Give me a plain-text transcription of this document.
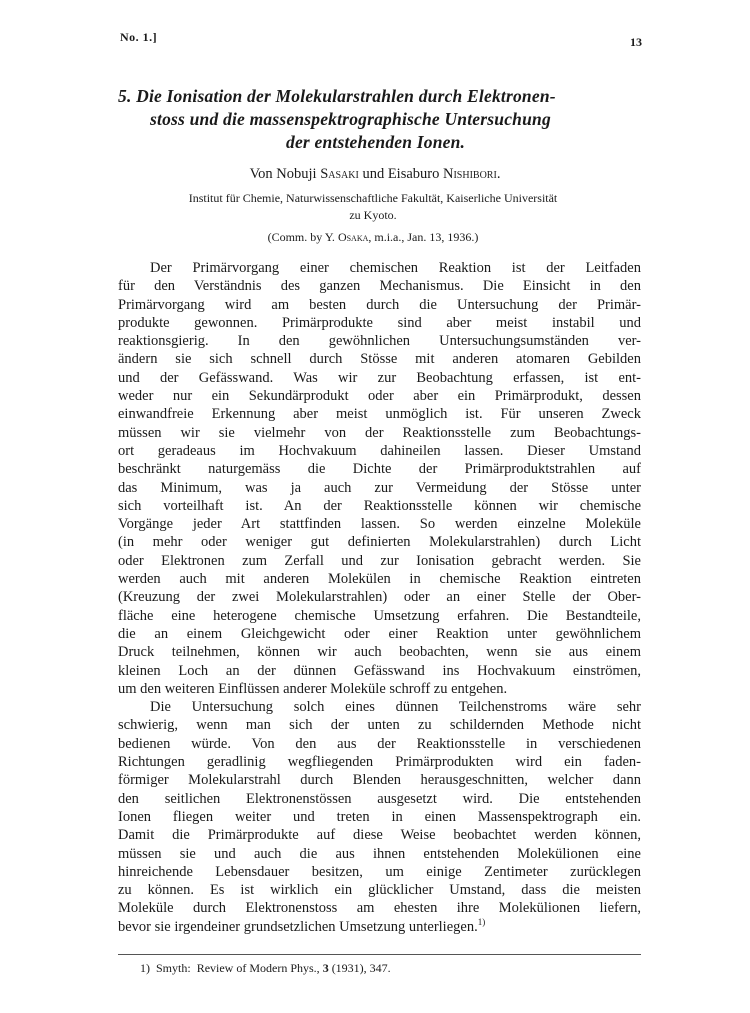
No. 1.]	13
5. Die Ionisation der Molekularstrahlen durch Elektronen-
stoss und die massenspektrographische Untersuchung
der entstehenden Ionen.
Von Nobuji Sasaki und Eisaburo Nishibori.
Institut für Chemie, Naturwissenschaftliche Fakultät, Kaiserliche Universität
zu Kyoto.
(Comm. by Y. Osaka, m.i.a., Jan. 13, 1936.)
Der Primärvorgang einer chemischen Reaktion ist der Leitfaden
für den Verständnis des ganzen Mechanismus. Die Einsicht in den
Primärvorgang wird am besten durch die Untersuchung der Primär-
produkte gewonnen. Primärprodukte sind aber meist instabil und
reaktionsgierig. In den gewöhnlichen Untersuchungsumständen ver-
ändern sie sich schnell durch Stösse mit anderen atomaren Gebilden
und der Gefässwand. Was wir zur Beobachtung erfassen, ist ent-
weder nur ein Sekundärprodukt oder aber ein Primärprodukt, dessen
einwandfreie Erkennung aber meist unmöglich ist. Für unseren Zweck
müssen wir sie vielmehr von der Reaktionsstelle zum Beobachtungs-
ort geradeaus im Hochvakuum dahineilen lassen. Dieser Umstand
beschränkt naturgemäss die Dichte der Primärproduktstrahlen auf
das Minimum, was ja auch zur Vermeidung der Stösse unter
sich vorteilhaft ist. An der Reaktionsstelle können wir chemische
Vorgänge jeder Art stattfinden lassen. So werden einzelne Moleküle
(in mehr oder weniger gut definierten Molekularstrahlen) durch Licht
oder Elektronen zum Zerfall und zur Ionisation gebracht werden. Sie
werden auch mit anderen Molekülen in chemische Reaktion eintreten
(Kreuzung der zwei Molekularstrahlen) oder an einer Stelle der Ober-
fläche eine heterogene chemische Umsetzung erfahren. Die Bestandteile,
die an einem Gleichgewicht oder einer Reaktion unter gewöhnlichem
Druck teilnehmen, können wir auch beobachten, wenn sie aus einem
kleinen Loch an der dünnen Gefässwand ins Hochvakuum einströmen,
um den weiteren Einflüssen anderer Moleküle schroff zu entgehen.
Die Untersuchung solch eines dünnen Teilchenstroms wäre sehr
schwierig, wenn man sich der unten zu schildernden Methode nicht
bedienen würde. Von den aus der Reaktionsstelle in verschiedenen
Richtungen geradlinig wegfliegenden Primärprodukten wird ein faden-
förmiger Molekularstrahl durch Blenden herausgeschnitten, welcher dann
den seitlichen Elektronenstössen ausgesetzt wird. Die entstehenden
Ionen fliegen weiter und treten in einen Massenspektrograph ein.
Damit die Primärprodukte auf diese Weise beobachtet werden können,
müssen sie und auch die aus ihnen entstehenden Molekülionen eine
hinreichende Lebensdauer besitzen, um einige Zentimeter zurücklegen
zu können. Es ist wirklich ein glücklicher Umstand, dass die meisten
Moleküle durch Elektronenstoss am ehesten ihre Molekülionen liefern,
bevor sie irgendeiner grundsetzlichen Umsetzung unterliegen.$^{1)}$
1) Smyth: Review of Modern Phys., 3 (1931), 347.
